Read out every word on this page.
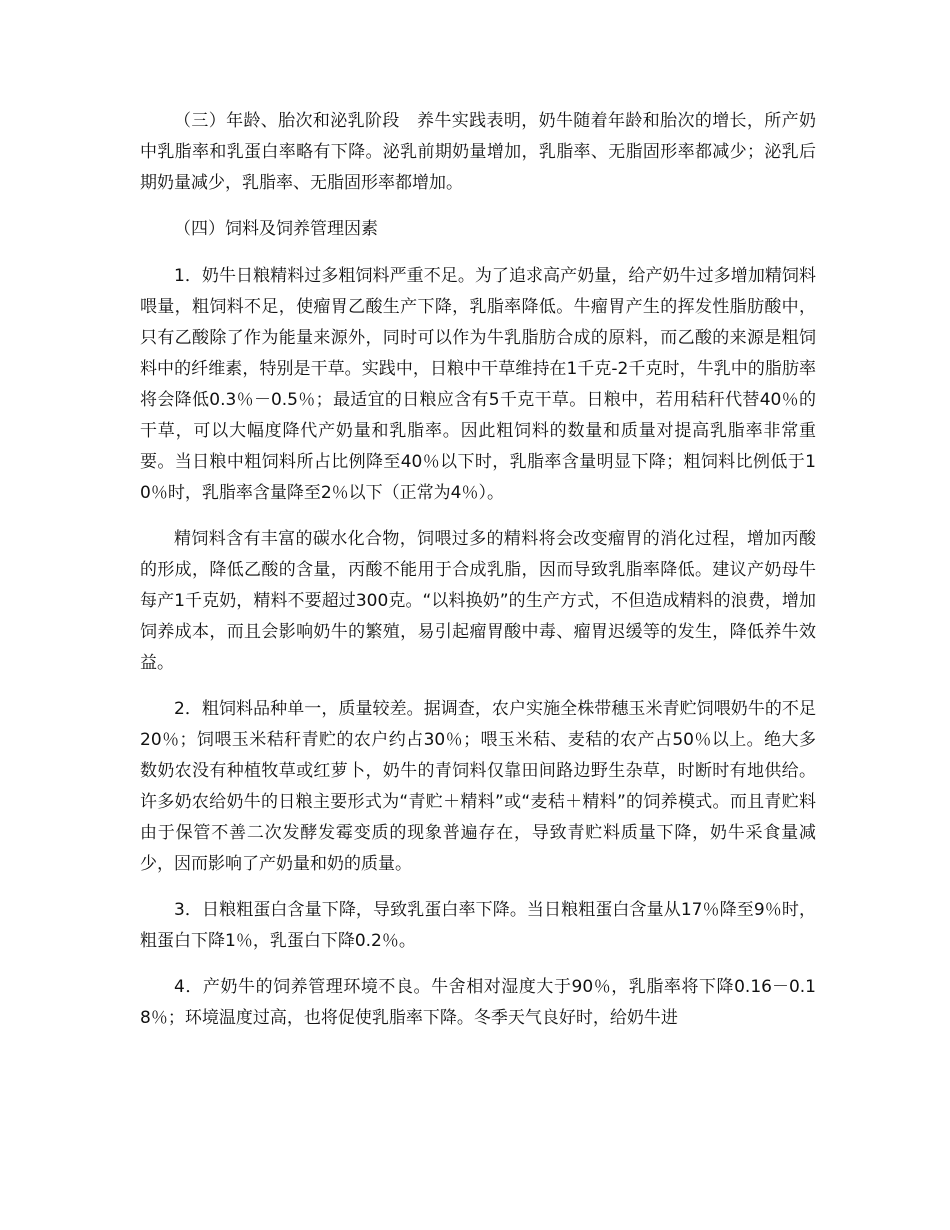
（三）年龄、胎次和泌乳阶段　养牛实践表明，奶牛随着年龄和胎次的增长，所产奶中乳脂率和乳蛋白率略有下降。泌乳前期奶量增加，乳脂率、无脂固形率都减少；泌乳后期奶量减少，乳脂率、无脂固形率都增加。

（四）饲料及饲养管理因素

1．奶牛日粮精料过多粗饲料严重不足。为了追求高产奶量，给产奶牛过多增加精饲料喂量，粗饲料不足，使瘤胃乙酸生产下降，乳脂率降低。牛瘤胃产生的挥发性脂肪酸中，只有乙酸除了作为能量来源外，同时可以作为牛乳脂肪合成的原料，而乙酸的来源是粗饲料中的纤维素，特别是干草。实践中，日粮中干草维持在1千克-2千克时，牛乳中的脂肪率将会降低0.3％－0.5％；最适宜的日粮应含有5千克干草。日粮中，若用秸秆代替40％的干草，可以大幅度降代产奶量和乳脂率。因此粗饲料的数量和质量对提高乳脂率非常重要。当日粮中粗饲料所占比例降至40％以下时，乳脂率含量明显下降；粗饲料比例低于10％时，乳脂率含量降至2％以下（正常为4％）。

精饲料含有丰富的碳水化合物，饲喂过多的精料将会改变瘤胃的消化过程，增加丙酸的形成，降低乙酸的含量，丙酸不能用于合成乳脂，因而导致乳脂率降低。建议产奶母牛每产1千克奶，精料不要超过300克。“以料换奶”的生产方式，不但造成精料的浪费，增加饲养成本，而且会影响奶牛的繁殖，易引起瘤胃酸中毒、瘤胃迟缓等的发生，降低养牛效益。

2．粗饲料品种单一，质量较差。据调查，农户实施全株带穗玉米青贮饲喂奶牛的不足20％；饲喂玉米秸秆青贮的农户约占30％；喂玉米秸、麦秸的农产占50％以上。绝大多数奶农没有种植牧草或红萝卜，奶牛的青饲料仅靠田间路边野生杂草，时断时有地供给。许多奶农给奶牛的日粮主要形式为“青贮＋精料”或“麦秸＋精料”的饲养模式。而且青贮料由于保管不善二次发酵发霉变质的现象普遍存在，导致青贮料质量下降，奶牛采食量减少，因而影响了产奶量和奶的质量。

3．日粮粗蛋白含量下降，导致乳蛋白率下降。当日粮粗蛋白含量从17％降至9％时，粗蛋白下降1％，乳蛋白下降0.2％。

4．产奶牛的饲养管理环境不良。牛舍相对湿度大于90％，乳脂率将下降0.16－0.18％；环境温度过高，也将促使乳脂率下降。冬季天气良好时，给奶牛进
